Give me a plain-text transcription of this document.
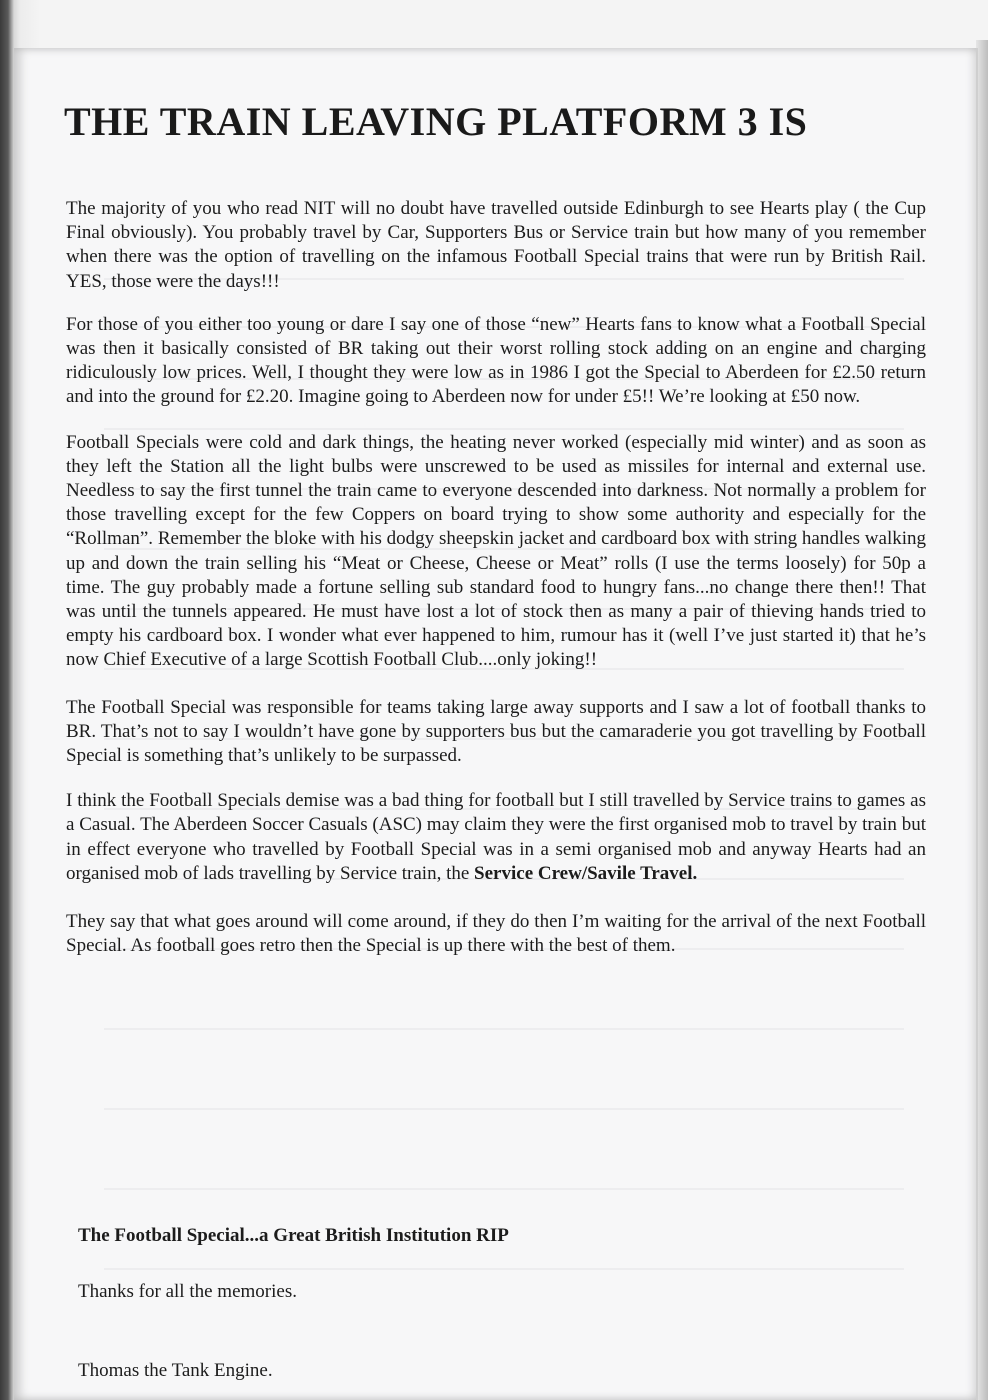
THE TRAIN LEAVING PLATFORM 3 IS

The majority of you who read NIT will no doubt have travelled outside Edinburgh to see Hearts play ( the Cup Final obviously). You probably travel by Car, Supporters Bus or Service train but how many of you remember when there was the option of travelling on the infamous Football Special trains that were run by British Rail. YES, those were the days!!!

For those of you either too young or dare I say one of those “new” Hearts fans to know what a Football Special was then it basically consisted of BR taking out their worst rolling stock adding on an engine and charging ridiculously low prices. Well, I thought they were low as in 1986 I got the Special to Aberdeen for £2.50 return and into the ground for £2.20. Imagine going to Aberdeen now for under £5!! We’re looking at £50 now.

Football Specials were cold and dark things, the heating never worked (especially mid winter) and as soon as they left the Station all the light bulbs were unscrewed to be used as missiles for internal and external use. Needless to say the first tunnel the train came to everyone descended into darkness. Not normally a problem for those travelling except for the few Coppers on board trying to show some authority and especially for the “Rollman”. Remember the bloke with his dodgy sheepskin jacket and cardboard box with string handles walking up and down the train selling his “Meat or Cheese, Cheese or Meat” rolls (I use the terms loosely) for 50p a time. The guy probably made a fortune selling sub standard food to hungry fans...no change there then!! That was until the tunnels appeared. He must have lost a lot of stock then as many a pair of thieving hands tried to empty his cardboard box. I wonder what ever happened to him, rumour has it (well I’ve just started it) that he’s now Chief Executive of a large Scottish Football Club....only joking!!

The Football Special was responsible for teams taking large away supports and I saw a lot of football thanks to BR. That’s not to say I wouldn’t have gone by supporters bus but the camaraderie you got travelling by Football Special is something that’s unlikely to be surpassed.

I think the Football Specials demise was a bad thing for football but I still travelled by Service trains to games as a Casual. The Aberdeen Soccer Casuals (ASC) may claim they were the first organised mob to travel by train but in effect everyone who travelled by Football Special was in a semi organised mob and anyway Hearts had an organised mob of lads travelling by Service train, the Service Crew/Savile Travel.

They say that what goes around will come around, if they do then I’m waiting for the arrival of the next Football Special. As football goes retro then the Special is up there with the best of them.

The Football Special...a Great British Institution RIP
Thanks for all the memories.
Thomas the Tank Engine.
